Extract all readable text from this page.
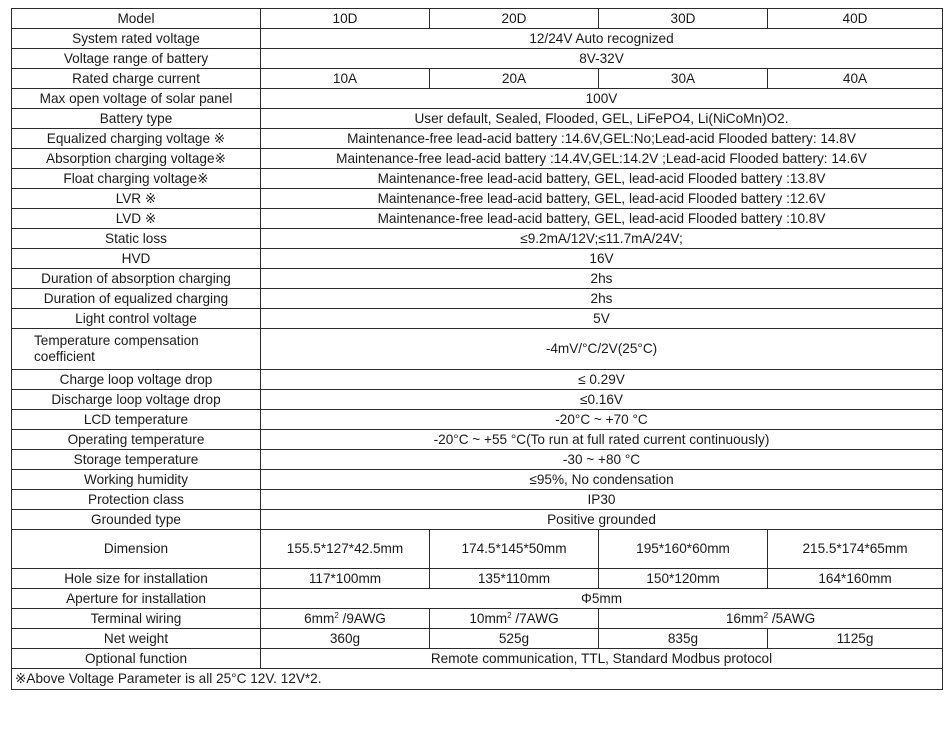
Model	10D	20D	30D	40D
System rated voltage	12/24V Auto recognized			
Voltage range of battery	8V-32V			
Rated charge current	10A	20A	30A	40A
Max open voltage of solar panel	100V			
Battery type	User default, Sealed, Flooded, GEL, LiFePO4, Li(NiCoMn)O2.			
Equalized charging voltage ※	Maintenance-free lead-acid battery :14.6V,GEL:No;Lead-acid Flooded battery: 14.8V			
Absorption charging voltage※	Maintenance-free lead-acid battery :14.4V,GEL:14.2V ;Lead-acid Flooded battery: 14.6V			
Float charging voltage※	Maintenance-free lead-acid battery, GEL, lead-acid Flooded battery :13.8V			
LVR ※	Maintenance-free lead-acid battery, GEL, lead-acid Flooded battery :12.6V			
LVD ※	Maintenance-free lead-acid battery, GEL, lead-acid Flooded battery :10.8V			
Static loss	≤9.2mA/12V;≤11.7mA/24V;			
HVD	16V			
Duration of absorption charging	2hs			
Duration of equalized charging	2hs			
Light control voltage	5V			
Temperature compensation coefficient	-4mV/°C/2V(25°C)			
Charge loop voltage drop	≤ 0.29V			
Discharge loop voltage drop	≤0.16V			
LCD temperature	-20°C ~ +70 °C			
Operating temperature	-20°C ~ +55 °C(To run at full rated current continuously)			
Storage temperature	-30 ~ +80 °C			
Working humidity	≤95%, No condensation			
Protection class	IP30			
Grounded type	Positive grounded			
Dimension	155.5*127*42.5mm	174.5*145*50mm	195*160*60mm	215.5*174*65mm
Hole size for installation	117*100mm	135*110mm	150*120mm	164*160mm
Aperture for installation	Φ5mm			
Terminal wiring	$6mm^2$ /9AWG	$10mm^2$ /7AWG	$16mm^2$ /5AWG	
Net weight	360g	525g	835g	1125g
Optional function	Remote communication, TTL, Standard Modbus protocol			
※Above Voltage Parameter is all 25°C 12V. 12V*2.				
